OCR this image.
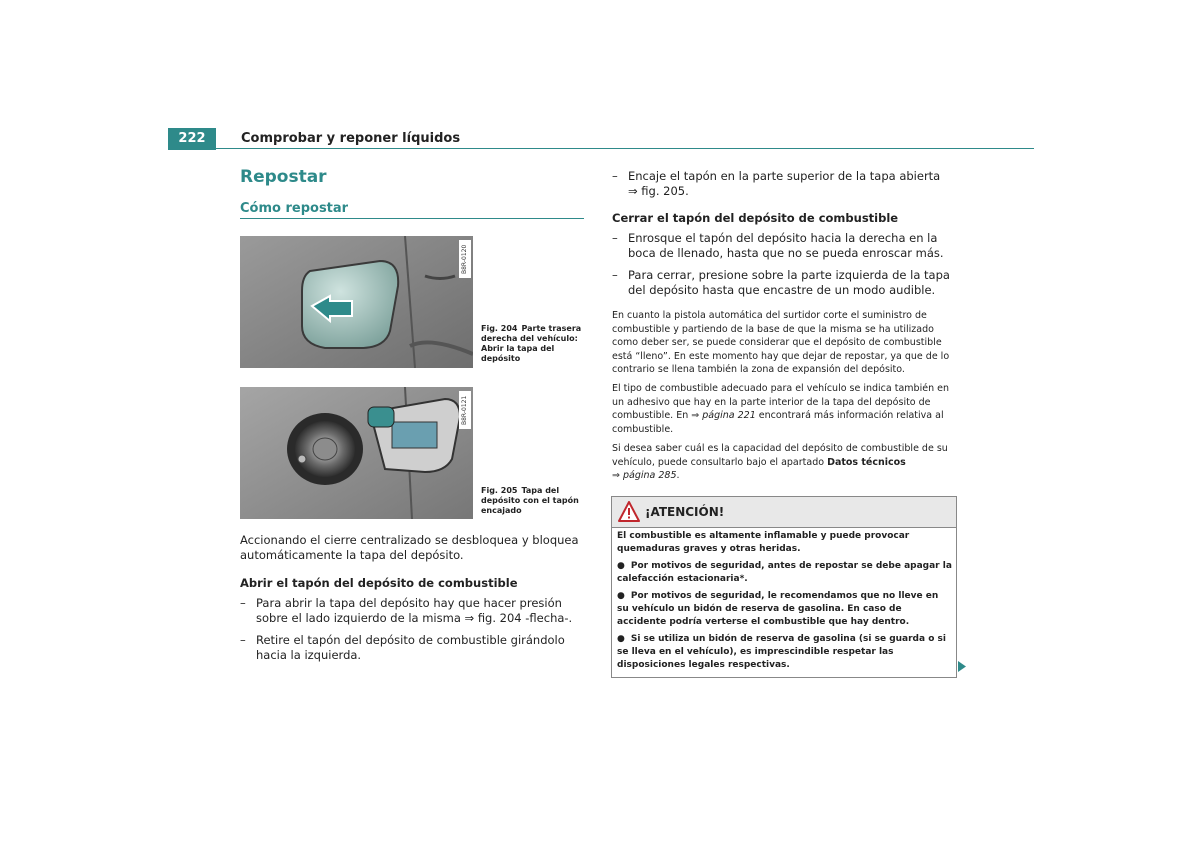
222	Comprobar y reponer líquidos
Repostar
Cómo repostar
B8R-0120
Fig. 204 Parte trasera derecha del vehículo: Abrir la tapa del depósito
B8R-0121
Fig. 205 Tapa del depósito con el tapón encajado
Accionando el cierre centralizado se desbloquea y bloquea automáticamente la tapa del depósito.
Abrir el tapón del depósito de combustible
– Para abrir la tapa del depósito hay que hacer presión sobre el lado izquierdo de la misma ⇒ fig. 204 -flecha-.
– Retire el tapón del depósito de combustible girándolo hacia la izquierda.
– Encaje el tapón en la parte superior de la tapa abierta ⇒ fig. 205.
Cerrar el tapón del depósito de combustible
– Enrosque el tapón del depósito hacia la derecha en la boca de llenado, hasta que no se pueda enroscar más.
– Para cerrar, presione sobre la parte izquierda de la tapa del depósito hasta que encastre de un modo audible.
En cuanto la pistola automática del surtidor corte el suministro de combustible y partiendo de la base de que la misma se ha utilizado como deber ser, se puede considerar que el depósito de combustible está “lleno”. En este momento hay que dejar de repostar, ya que de lo contrario se llena también la zona de expansión del depósito.
El tipo de combustible adecuado para el vehículo se indica también en un adhesivo que hay en la parte interior de la tapa del depósito de combustible. En ⇒ página 221 encontrará más información relativa al combustible.
Si desea saber cuál es la capacidad del depósito de combustible de su vehículo, puede consultarlo bajo el apartado Datos técnicos
⇒ página 285.
¡ATENCIÓN!

El combustible es altamente inflamable y puede provocar quemaduras graves y otras heridas.

● Por motivos de seguridad, antes de repostar se debe apagar la calefacción estacionaria*.

● Por motivos de seguridad, le recomendamos que no lleve en su vehículo un bidón de reserva de gasolina. En caso de accidente podría verterse el combustible que hay dentro.

● Si se utiliza un bidón de reserva de gasolina (si se guarda o si se lleva en el vehículo), es imprescindible respetar las disposiciones legales respectivas.
